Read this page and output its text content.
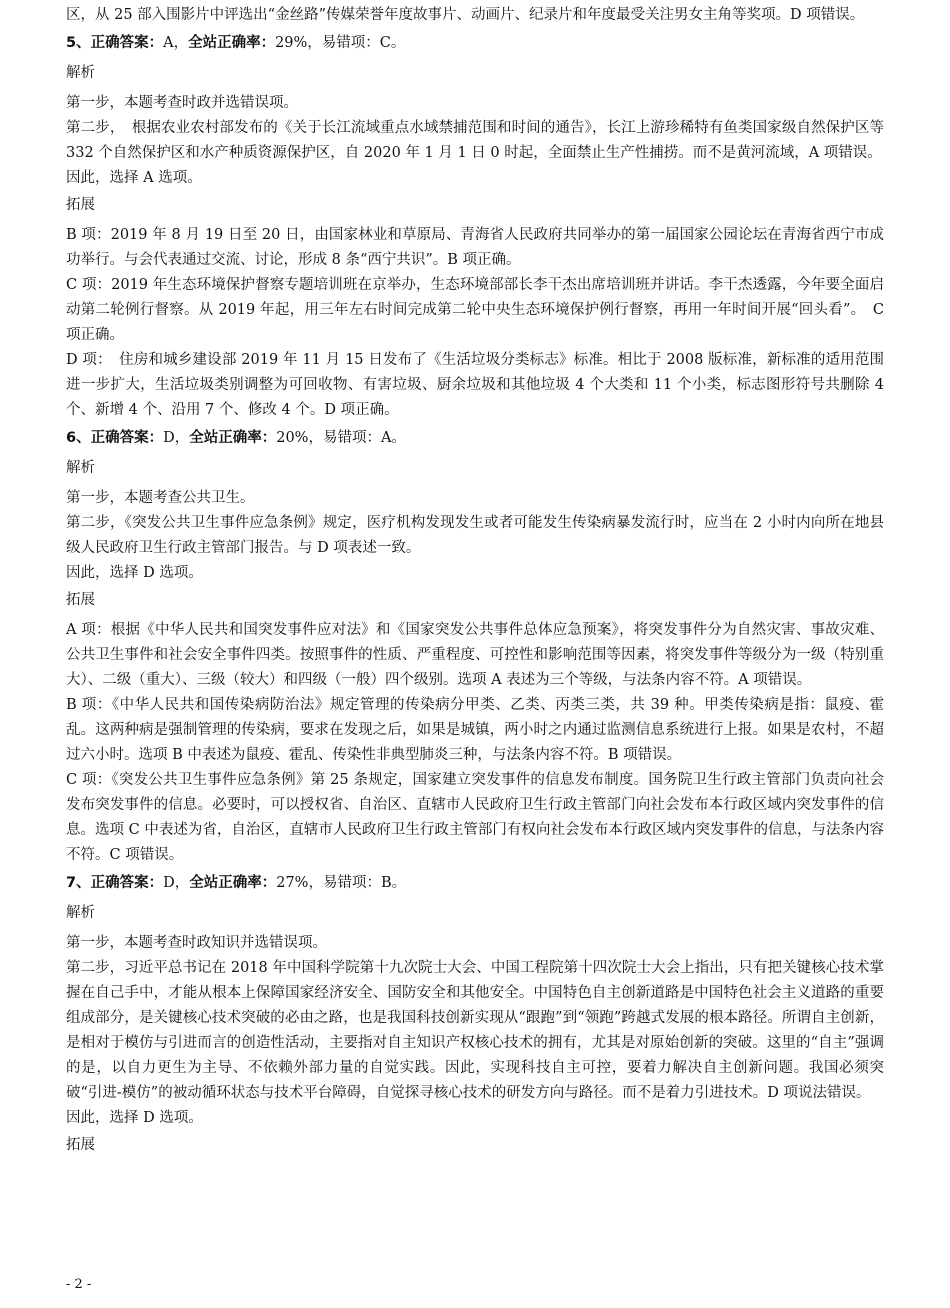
区，从 25 部入围影片中评选出“金丝路”传媒荣誉年度故事片、动画片、纪录片和年度最受关注男女主角等奖项。D 项错误。

5、正确答案：A，全站正确率：29%，易错项：C。

解析

第一步，本题考查时政并选错误项。

第二步，　根据农业农村部发布的《关于长江流域重点水域禁捕范围和时间的通告》，长江上游珍稀特有鱼类国家级自然保护区等 332 个自然保护区和水产种质资源保护区，自 2020 年 1 月 1 日 0 时起，全面禁止生产性捕捞。而不是黄河流域，A 项错误。

因此，选择 A 选项。

拓展

B 项：2019 年 8 月 19 日至 20 日，由国家林业和草原局、青海省人民政府共同举办的第一届国家公园论坛在青海省西宁市成功举行。与会代表通过交流、讨论，形成 8 条“西宁共识”。B 项正确。

C 项：2019 年生态环境保护督察专题培训班在京举办，生态环境部部长李干杰出席培训班并讲话。李干杰透露，今年要全面启动第二轮例行督察。从 2019 年起，用三年左右时间完成第二轮中央生态环境保护例行督察，再用一年时间开展“回头看”。　C 项正确。

D 项：　住房和城乡建设部 2019 年 11 月 15 日发布了《生活垃圾分类标志》标准。相比于 2008 版标准，新标准的适用范围进一步扩大，生活垃圾类别调整为可回收物、有害垃圾、厨余垃圾和其他垃圾 4 个大类和 11 个小类，标志图形符号共删除 4 个、新增 4 个、沿用 7 个、修改 4 个。D 项正确。

6、正确答案：D，全站正确率：20%，易错项：A。

解析

第一步，本题考查公共卫生。

第二步，《突发公共卫生事件应急条例》规定，医疗机构发现发生或者可能发生传染病暴发流行时，应当在 2 小时内向所在地县级人民政府卫生行政主管部门报告。与 D 项表述一致。

因此，选择 D 选项。

拓展

A 项：根据《中华人民共和国突发事件应对法》和《国家突发公共事件总体应急预案》，将突发事件分为自然灾害、事故灾难、公共卫生事件和社会安全事件四类。按照事件的性质、严重程度、可控性和影响范围等因素，将突发事件等级分为一级（特别重大）、二级（重大）、三级（较大）和四级（一般）四个级别。选项 A 表述为三个等级，与法条内容不符。A 项错误。

B 项：《中华人民共和国传染病防治法》规定管理的传染病分甲类、乙类、丙类三类，共 39 种。甲类传染病是指：鼠疫、霍乱。这两种病是强制管理的传染病，要求在发现之后，如果是城镇，两小时之内通过监测信息系统进行上报。如果是农村，不超过六小时。选项 B 中表述为鼠疫、霍乱、传染性非典型肺炎三种，与法条内容不符。B 项错误。

C 项：《突发公共卫生事件应急条例》第 25 条规定，国家建立突发事件的信息发布制度。国务院卫生行政主管部门负责向社会发布突发事件的信息。必要时，可以授权省、自治区、直辖市人民政府卫生行政主管部门向社会发布本行政区域内突发事件的信息。选项 C 中表述为省，自治区，直辖市人民政府卫生行政主管部门有权向社会发布本行政区域内突发事件的信息，与法条内容不符。C 项错误。

7、正确答案：D，全站正确率：27%，易错项：B。

解析

第一步，本题考查时政知识并选错误项。

第二步，习近平总书记在 2018 年中国科学院第十九次院士大会、中国工程院第十四次院士大会上指出，只有把关键核心技术掌握在自己手中，才能从根本上保障国家经济安全、国防安全和其他安全。中国特色自主创新道路是中国特色社会主义道路的重要组成部分，是关键核心技术突破的必由之路，也是我国科技创新实现从“跟跑”到“领跑”跨越式发展的根本路径。所谓自主创新，是相对于模仿与引进而言的创造性活动，主要指对自主知识产权核心技术的拥有，尤其是对原始创新的突破。这里的“自主”强调的是，以自力更生为主导、不依赖外部力量的自觉实践。因此，实现科技自主可控，要着力解决自主创新问题。我国必须突破“引进-模仿”的被动循环状态与技术平台障碍，自觉探寻核心技术的研发方向与路径。而不是着力引进技术。D 项说法错误。

因此，选择 D 选项。

拓展

- 2 -
